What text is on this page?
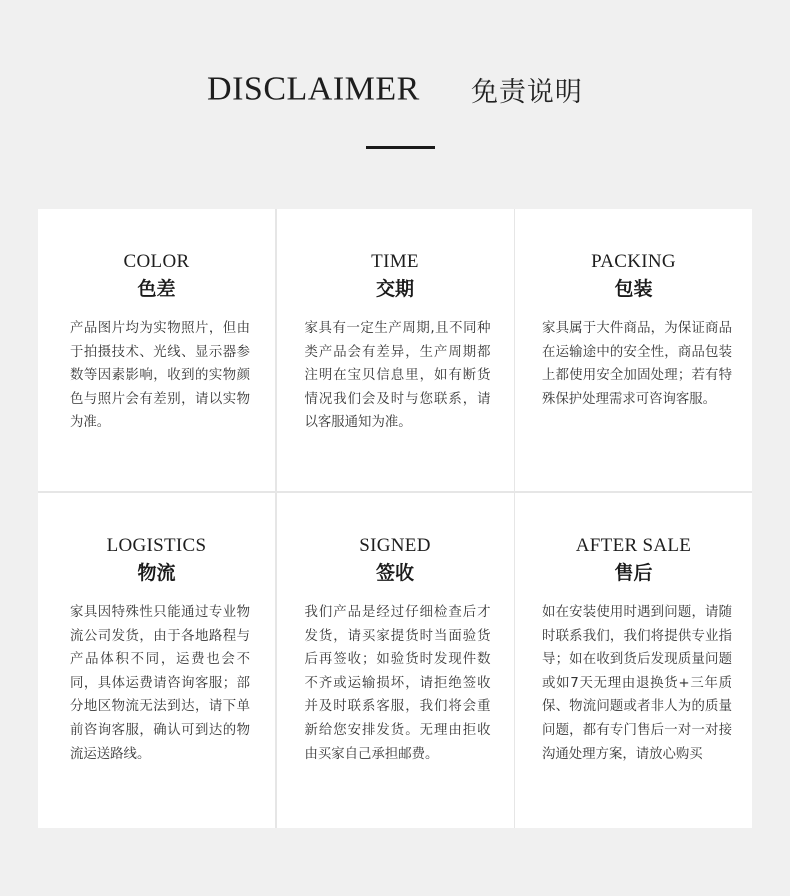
DISCLAIMER 免责说明
COLOR
色差
产品图片均为实物照片，但由于拍摄技术、光线、显示器参数等因素影响，收到的实物颜色与照片会有差别，请以实物为准。
TIME
交期
家具有一定生产周期,且不同种类产品会有差异，生产周期都注明在宝贝信息里，如有断货情况我们会及时与您联系，请以客服通知为准。
PACKING
包装
家具属于大件商品，为保证商品在运输途中的安全性，商品包装上都使用安全加固处理；若有特殊保护处理需求可咨询客服。
LOGISTICS
物流
家具因特殊性只能通过专业物流公司发货，由于各地路程与产品体积不同，运费也会不同，具体运费请咨询客服；部分地区物流无法到达，请下单前咨询客服，确认可到达的物流运送路线。
SIGNED
签收
我们产品是经过仔细检查后才发货，请买家提货时当面验货后再签收；如验货时发现件数不齐或运输损坏，请拒绝签收并及时联系客服，我们将会重新给您安排发货。无理由拒收由买家自己承担邮费。
AFTER SALE
售后
如在安装使用时遇到问题，请随时联系我们，我们将提供专业指导；如在收到货后发现质量问题或如7天无理由退换货+三年质保、物流问题或者非人为的质量问题，都有专门售后一对一对接沟通处理方案，请放心购买
